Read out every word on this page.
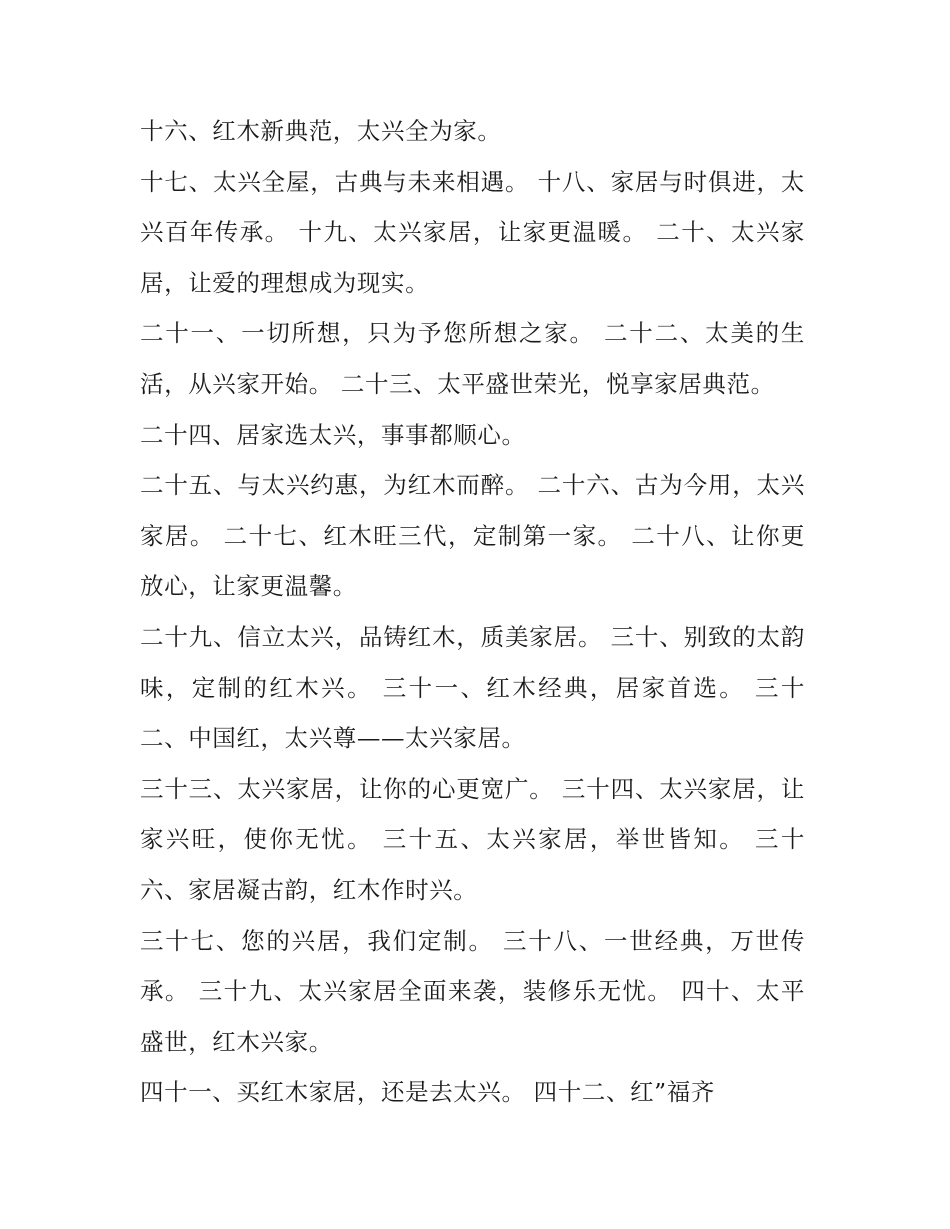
十六、红木新典范，太兴全为家。

十七、太兴全屋，古典与未来相遇。 十八、家居与时俱进，太兴百年传承。 十九、太兴家居，让家更温暖。 二十、太兴家居，让爱的理想成为现实。

二十一、一切所想，只为予您所想之家。 二十二、太美的生活，从兴家开始。 二十三、太平盛世荣光，悦享家居典范。

二十四、居家选太兴，事事都顺心。

二十五、与太兴约惠，为红木而醉。 二十六、古为今用，太兴家居。 二十七、红木旺三代，定制第一家。 二十八、让你更放心，让家更温馨。

二十九、信立太兴，品铸红木，质美家居。 三十、别致的太韵味，定制的红木兴。 三十一、红木经典，居家首选。 三十二、中国红，太兴尊——太兴家居。

三十三、太兴家居，让你的心更宽广。 三十四、太兴家居，让家兴旺，使你无忧。 三十五、太兴家居，举世皆知。 三十六、家居凝古韵，红木作时兴。

三十七、您的兴居，我们定制。 三十八、一世经典，万世传承。 三十九、太兴家居全面来袭，装修乐无忧。 四十、太平盛世，红木兴家。

四十一、买红木家居，还是去太兴。 四十二、红”福齐
